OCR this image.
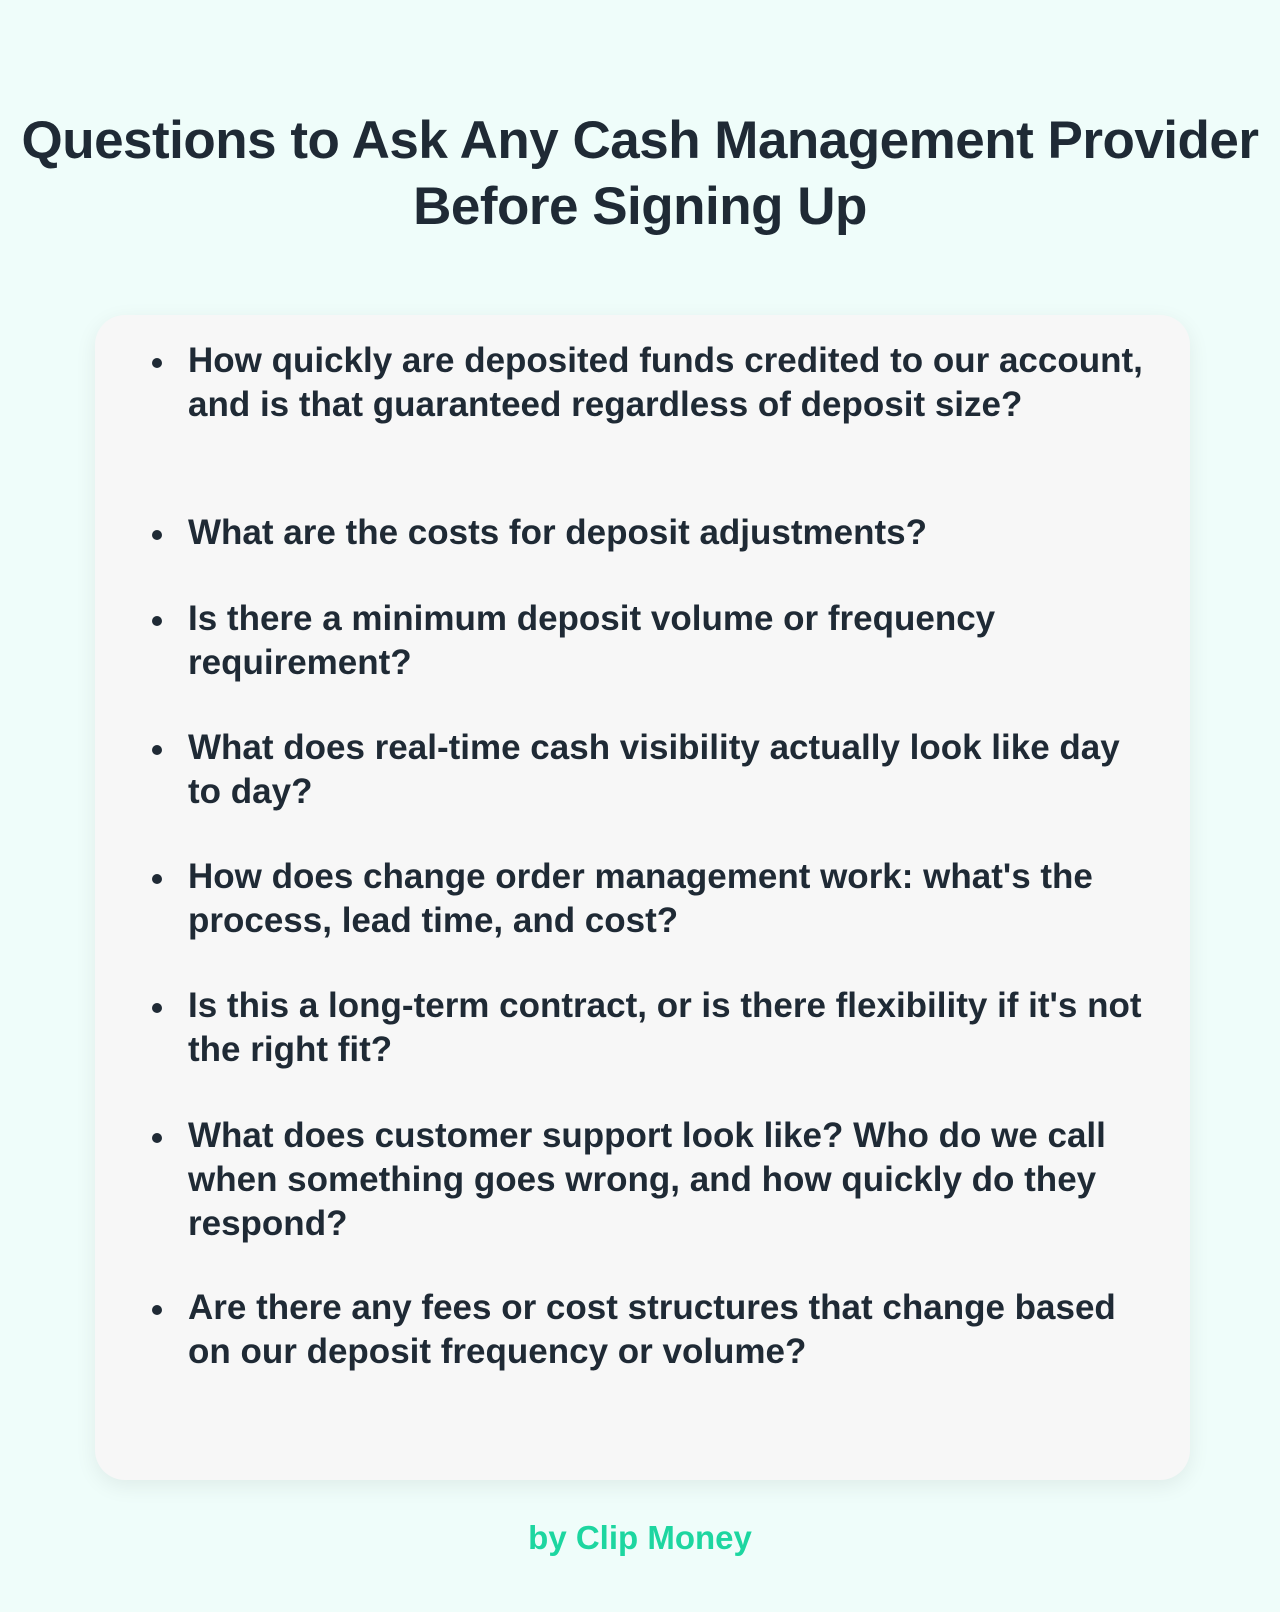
Questions to Ask Any Cash Management Provider Before Signing Up
How quickly are deposited funds credited to our account, and is that guaranteed regardless of deposit size?
What are the costs for deposit adjustments?
Is there a minimum deposit volume or frequency requirement?
What does real-time cash visibility actually look like day to day?
How does change order management work: what's the process, lead time, and cost?
Is this a long-term contract, or is there flexibility if it's not the right fit?
What does customer support look like? Who do we call when something goes wrong, and how quickly do they respond?
Are there any fees or cost structures that change based on our deposit frequency or volume?
by Clip Money
